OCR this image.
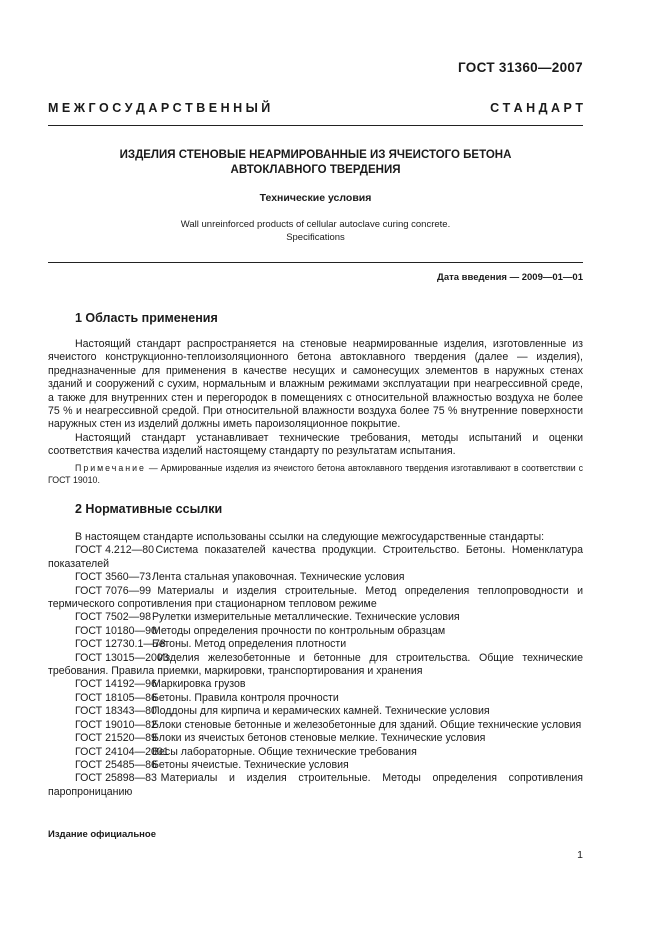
ГОСТ 31360—2007
М Е Ж Г О С У Д А Р С Т В Е Н Н Ы Й	С Т А Н Д А Р Т
ИЗДЕЛИЯ СТЕНОВЫЕ НЕАРМИРОВАННЫЕ ИЗ ЯЧЕИСТОГО БЕТОНА
АВТОКЛАВНОГО ТВЕРДЕНИЯ
Технические условия
Wall unreinforced products of cellular autoclave curing concrete.
Specifications
Дата введения — 2009—01—01
1 Область применения
Настоящий стандарт распространяется на стеновые неармированные изделия, изготовленные из ячеистого конструкционно-теплоизоляционного бетона автоклавного твердения (далее — изделия), предназначенные для применения в качестве несущих и самонесущих элементов в наружных стенах зданий и сооружений с сухим, нормальным и влажным режимами эксплуатации при неагрессивной среде, а также для внутренних стен и перегородок в помещениях с относительной влажностью воздуха не более 75 % и неагрессивной средой. При относительной влажности воздуха более 75 % внутренние поверхности наружных стен из изделий должны иметь пароизоляционное покрытие.
Настоящий стандарт устанавливает технические требования, методы испытаний и оценки соответствия качества изделий настоящему стандарту по результатам испытания.
Примечание — Армированные изделия из ячеистого бетона автоклавного твердения изготавливают в соответствии с ГОСТ 19010.
2 Нормативные ссылки
В настоящем стандарте использованы ссылки на следующие межгосударственные стандарты:
ГОСТ 4.212—80 Система показателей качества продукции. Строительство. Бетоны. Номенклатура показателей
ГОСТ 3560—73 Лента стальная упаковочная. Технические условия
ГОСТ 7076—99 Материалы и изделия строительные. Метод определения теплопроводности и термического сопротивления при стационарном тепловом режиме
ГОСТ 7502—98 Рулетки измерительные металлические. Технические условия
ГОСТ 10180—90 Методы определения прочности по контрольным образцам
ГОСТ 12730.1—78 Бетоны. Метод определения плотности
ГОСТ 13015—2003 Изделия железобетонные и бетонные для строительства. Общие технические требования. Правила приемки, маркировки, транспортирования и хранения
ГОСТ 14192—96 Маркировка грузов
ГОСТ 18105—86 Бетоны. Правила контроля прочности
ГОСТ 18343—80 Поддоны для кирпича и керамических камней. Технические условия
ГОСТ 19010—82 Блоки стеновые бетонные и железобетонные для зданий. Общие технические условия
ГОСТ 21520—89 Блоки из ячеистых бетонов стеновые мелкие. Технические условия
ГОСТ 24104—2001 Весы лабораторные. Общие технические требования
ГОСТ 25485—86 Бетоны ячеистые. Технические условия
ГОСТ 25898—83 Материалы и изделия строительные. Методы определения сопротивления паропроницанию
Издание официальное
1
